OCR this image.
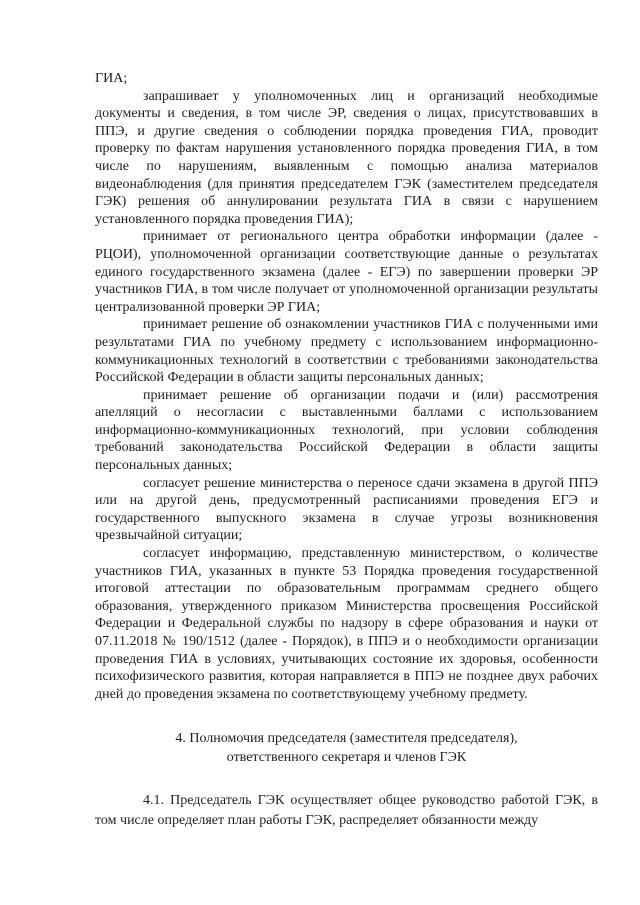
ГИА;

запрашивает у уполномоченных лиц и организаций необходимые документы и сведения, в том числе ЭР, сведения о лицах, присутствовавших в ППЭ, и другие сведения о соблюдении порядка проведения ГИА, проводит проверку по фактам нарушения установленного порядка проведения ГИА, в том числе по нарушениям, выявленным с помощью анализа материалов видеонаблюдения (для принятия председателем ГЭК (заместителем председателя ГЭК) решения об аннулировании результата ГИА в связи с нарушением установленного порядка проведения ГИА);

принимает от регионального центра обработки информации (далее - РЦОИ), уполномоченной организации соответствующие данные о результатах единого государственного экзамена (далее - ЕГЭ) по завершении проверки ЭР участников ГИА, в том числе получает от уполномоченной организации результаты централизованной проверки ЭР ГИА;

принимает решение об ознакомлении участников ГИА с полученными ими результатами ГИА по учебному предмету с использованием информационно-коммуникационных технологий в соответствии с требованиями законодательства Российской Федерации в области защиты персональных данных;

принимает решение об организации подачи и (или) рассмотрения апелляций о несогласии с выставленными баллами с использованием информационно-коммуникационных технологий, при условии соблюдения требований законодательства Российской Федерации в области защиты персональных данных;

согласует решение министерства о переносе сдачи экзамена в другой ППЭ или на другой день, предусмотренный расписаниями проведения ЕГЭ и государственного выпускного экзамена в случае угрозы возникновения чрезвычайной ситуации;

согласует информацию, представленную министерством, о количестве участников ГИА, указанных в пункте 53 Порядка проведения государственной итоговой аттестации по образовательным программам среднего общего образования, утвержденного приказом Министерства просвещения Российской Федерации и Федеральной службы по надзору в сфере образования и науки от 07.11.2018 № 190/1512 (далее - Порядок), в ППЭ и о необходимости организации проведения ГИА в условиях, учитывающих состояние их здоровья, особенности психофизического развития, которая направляется в ППЭ не позднее двух рабочих дней до проведения экзамена по соответствующему учебному предмету.

4. Полномочия председателя (заместителя председателя),
ответственного секретаря и членов ГЭК

4.1. Председатель ГЭК осуществляет общее руководство работой ГЭК, в том числе определяет план работы ГЭК, распределяет обязанности между
